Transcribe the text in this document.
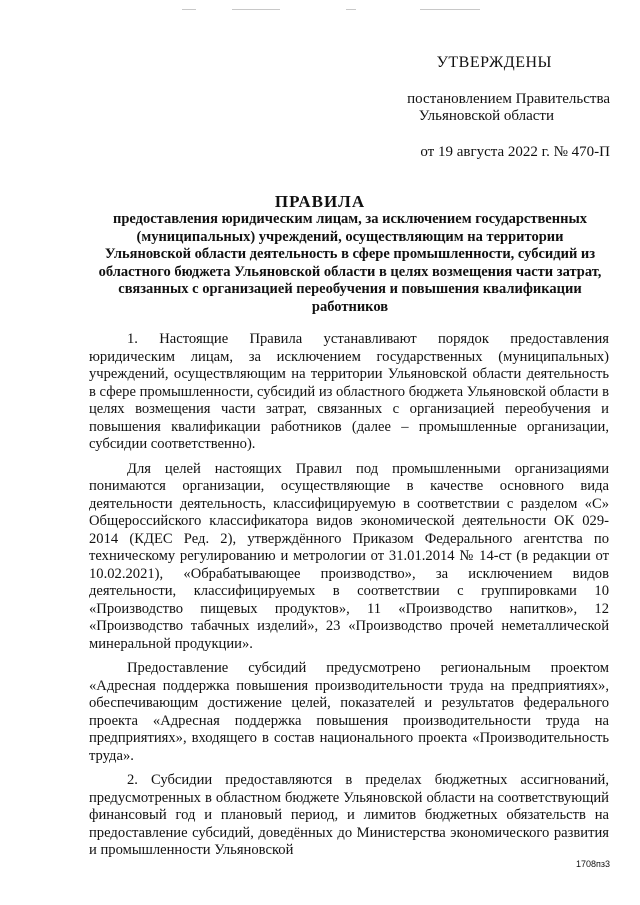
УТВЕРЖДЕНЫ
постановлением Правительства
Ульяновской области
от 19 августа 2022 г. № 470-П
ПРАВИЛА
предоставления юридическим лицам, за исключением государственных (муниципальных) учреждений, осуществляющим на территории Ульяновской области деятельность в сфере промышленности, субсидий из областного бюджета Ульяновской области в целях возмещения части затрат, связанных с организацией переобучения и повышения квалификации работников

1. Настоящие Правила устанавливают порядок предоставления юридическим лицам, за исключением государственных (муниципальных) учреждений, осуществляющим на территории Ульяновской области деятельность в сфере промышленности, субсидий из областного бюджета Ульяновской области в целях возмещения части затрат, связанных с организацией переобучения и повышения квалификации работников (далее – промышленные организации, субсидии соответственно).

Для целей настоящих Правил под промышленными организациями понимаются организации, осуществляющие в качестве основного вида деятельности деятельность, классифицируемую в соответствии с разделом «С» Общероссийского классификатора видов экономической деятельности ОК 029-2014 (КДЕС Ред. 2), утверждённого Приказом Федерального агентства по техническому регулированию и метрологии от 31.01.2014 № 14-ст (в редакции от 10.02.2021), «Обрабатывающее производство», за исключением видов деятельности, классифицируемых в соответствии с группировками 10 «Производство пищевых продуктов», 11 «Производство напитков», 12 «Производство табачных изделий», 23 «Производство прочей неметаллической минеральной продукции».

Предоставление субсидий предусмотрено региональным проектом «Адресная поддержка повышения производительности труда на предприятиях», обеспечивающим достижение целей, показателей и результатов федерального проекта «Адресная поддержка повышения производительности труда на предприятиях», входящего в состав национального проекта «Производительность труда».

2. Субсидии предоставляются в пределах бюджетных ассигнований, предусмотренных в областном бюджете Ульяновской области на соответствующий финансовый год и плановый период, и лимитов бюджетных обязательств на предоставление субсидий, доведённых до Министерства экономического развития и промышленности Ульяновской

1708пз3
